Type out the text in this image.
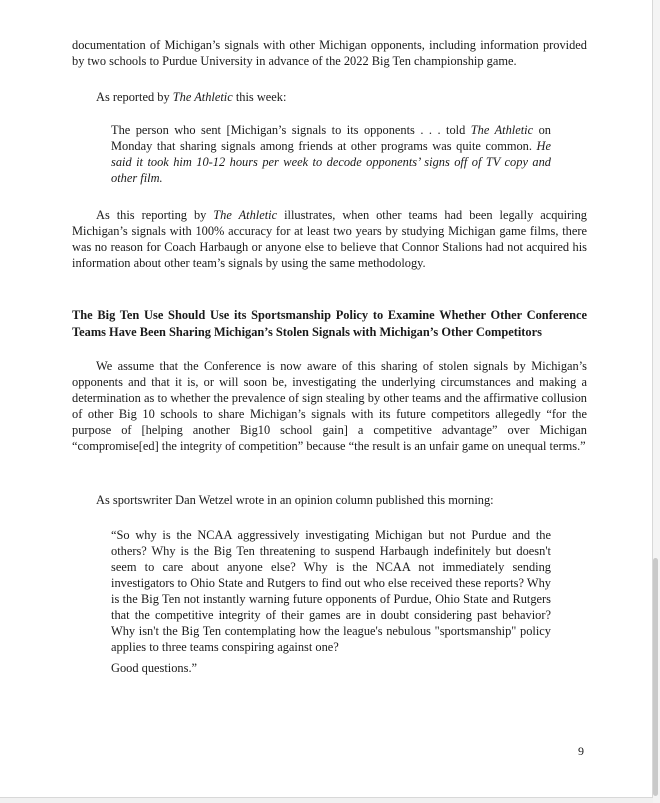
documentation of Michigan’s signals with other Michigan opponents, including information provided by two schools to Purdue University in advance of the 2022 Big Ten championship game.

As reported by The Athletic this week:

The person who sent [Michigan’s signals to its opponents . . . told The Athletic on Monday that sharing signals among friends at other programs was quite common. He said it took him 10-12 hours per week to decode opponents’ signs off of TV copy and other film.

As this reporting by The Athletic illustrates, when other teams had been legally acquiring Michigan’s signals with 100% accuracy for at least two years by studying Michigan game films, there was no reason for Coach Harbaugh or anyone else to believe that Connor Stalions had not acquired his information about other team’s signals by using the same methodology.

The Big Ten Use Should Use its Sportsmanship Policy to Examine Whether Other Conference Teams Have Been Sharing Michigan’s Stolen Signals with Michigan’s Other Competitors

We assume that the Conference is now aware of this sharing of stolen signals by Michigan’s opponents and that it is, or will soon be, investigating the underlying circumstances and making a determination as to whether the prevalence of sign stealing by other teams and the affirmative collusion of other Big 10 schools to share Michigan’s signals with its future competitors allegedly “for the purpose of [helping another Big10 school gain] a competitive advantage” over Michigan “compromise[ed] the integrity of competition” because “the result is an unfair game on unequal terms.”

As sportswriter Dan Wetzel wrote in an opinion column published this morning:

“So why is the NCAA aggressively investigating Michigan but not Purdue and the others? Why is the Big Ten threatening to suspend Harbaugh indefinitely but doesn't seem to care about anyone else? Why is the NCAA not immediately sending investigators to Ohio State and Rutgers to find out who else received these reports? Why is the Big Ten not instantly warning future opponents of Purdue, Ohio State and Rutgers that the competitive integrity of their games are in doubt considering past behavior? Why isn't the Big Ten contemplating how the league's nebulous "sportsmanship" policy applies to three teams conspiring against one?

Good questions.”

9
